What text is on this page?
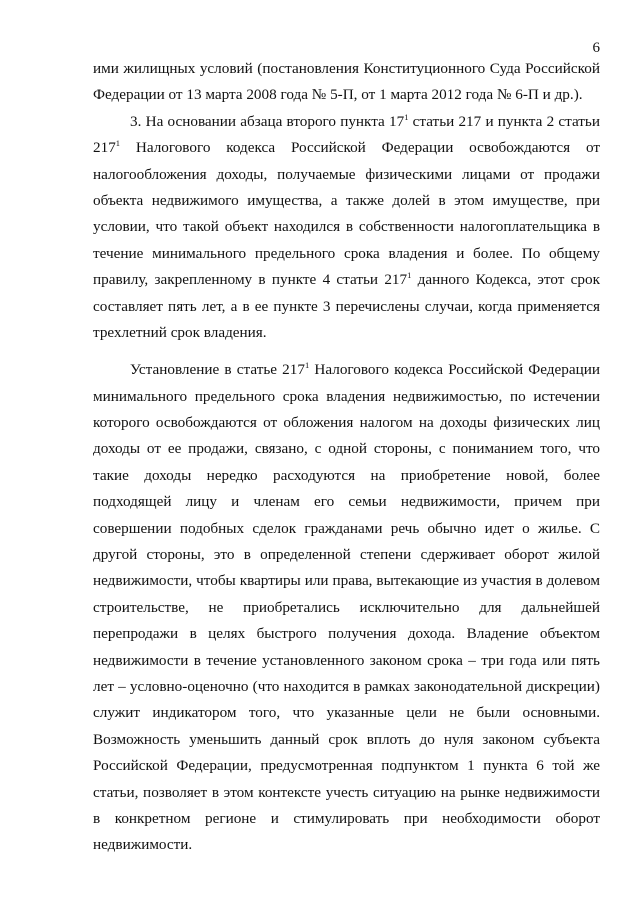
6
ими жилищных условий (постановления Конституционного Суда Российской
Федерации от 13 марта 2008 года № 5-П, от 1 марта 2012 года № 6-П и др.).
3. На основании абзаца второго пункта $17^1$ статьи 217 и пункта 2 статьи
$217^1$ Налогового кодекса Российской Федерации освобождаются от
налогообложения доходы, получаемые физическими лицами от продажи
объекта недвижимого имущества, а также долей в этом имуществе, при
условии, что такой объект находился в собственности налогоплательщика в
течение минимального предельного срока владения и более. По общему
правилу, закрепленному в пункте 4 статьи $217^1$ данного Кодекса, этот срок
составляет пять лет, а в ее пункте 3 перечислены случаи, когда применяется
трехлетний срок владения.
Установление в статье $217^1$ Налогового кодекса Российской Федерации
минимального предельного срока владения недвижимостью, по истечении
которого освобождаются от обложения налогом на доходы физических лиц
доходы от ее продажи, связано, с одной стороны, с пониманием того, что
такие доходы нередко расходуются на приобретение новой, более
подходящей лицу и членам его семьи недвижимости, причем при
совершении подобных сделок гражданами речь обычно идет о жилье. С
другой стороны, это в определенной степени сдерживает оборот жилой
недвижимости, чтобы квартиры или права, вытекающие из участия в долевом
строительстве, не приобретались исключительно для дальнейшей
перепродажи в целях быстрого получения дохода. Владение объектом
недвижимости в течение установленного законом срока – три года или пять
лет – условно-оценочно (что находится в рамках законодательной дискреции)
служит индикатором того, что указанные цели не были основными.
Возможность уменьшить данный срок вплоть до нуля законом субъекта
Российской Федерации, предусмотренная подпунктом 1 пункта 6 той же
статьи, позволяет в этом контексте учесть ситуацию на рынке недвижимости
в конкретном регионе и стимулировать при необходимости оборот
недвижимости.
